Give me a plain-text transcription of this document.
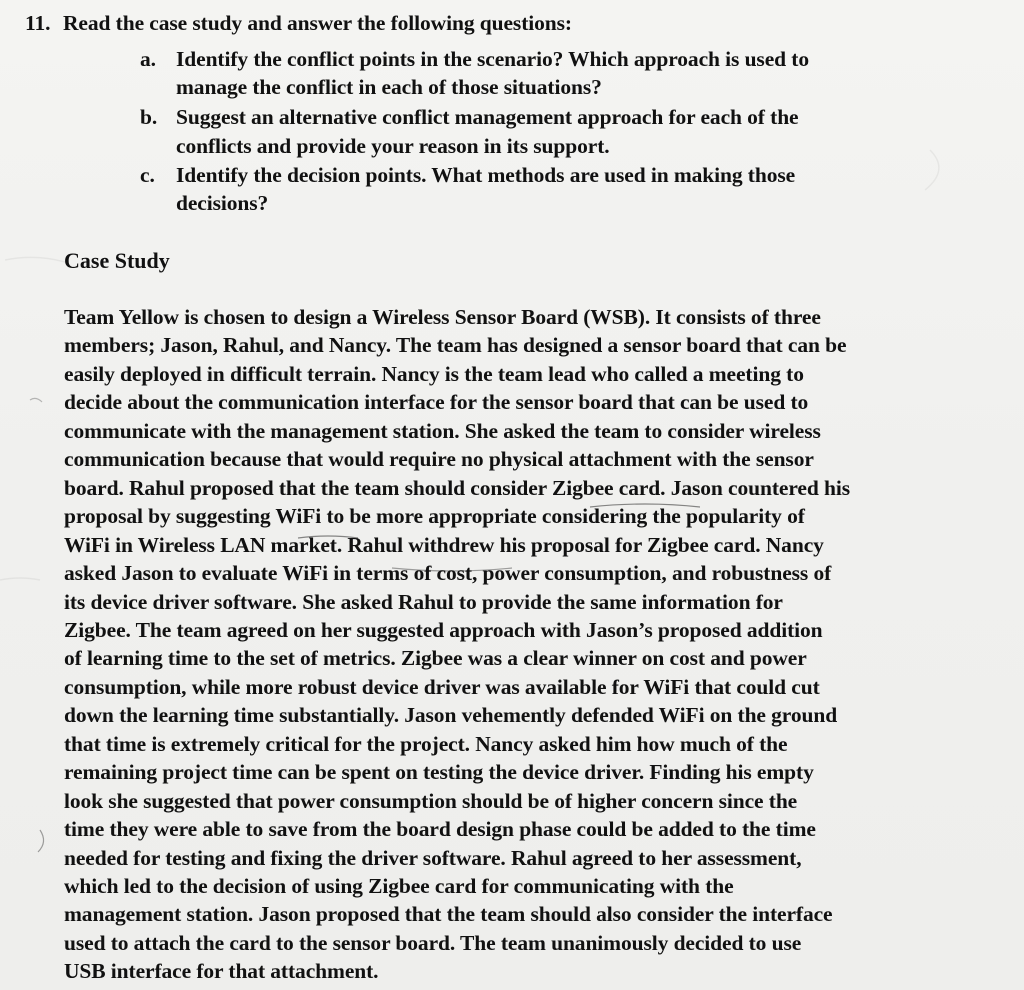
11. Read the case study and answer the following questions:
a. Identify the conflict points in the scenario? Which approach is used to
manage the conflict in each of those situations?
b. Suggest an alternative conflict management approach for each of the
conflicts and provide your reason in its support.
c. Identify the decision points. What methods are used in making those
decisions?
Case Study
Team Yellow is chosen to design a Wireless Sensor Board (WSB). It consists of three
members; Jason, Rahul, and Nancy. The team has designed a sensor board that can be
easily deployed in difficult terrain. Nancy is the team lead who called a meeting to
decide about the communication interface for the sensor board that can be used to
communicate with the management station. She asked the team to consider wireless
communication because that would require no physical attachment with the sensor
board. Rahul proposed that the team should consider Zigbee card. Jason countered his
proposal by suggesting WiFi to be more appropriate considering the popularity of
WiFi in Wireless LAN market. Rahul withdrew his proposal for Zigbee card. Nancy
asked Jason to evaluate WiFi in terms of cost, power consumption, and robustness of
its device driver software. She asked Rahul to provide the same information for
Zigbee. The team agreed on her suggested approach with Jason’s proposed addition
of learning time to the set of metrics. Zigbee was a clear winner on cost and power
consumption, while more robust device driver was available for WiFi that could cut
down the learning time substantially. Jason vehemently defended WiFi on the ground
that time is extremely critical for the project. Nancy asked him how much of the
remaining project time can be spent on testing the device driver. Finding his empty
look she suggested that power consumption should be of higher concern since the
time they were able to save from the board design phase could be added to the time
needed for testing and fixing the driver software. Rahul agreed to her assessment,
which led to the decision of using Zigbee card for communicating with the
management station. Jason proposed that the team should also consider the interface
used to attach the card to the sensor board. The team unanimously decided to use
USB interface for that attachment.
